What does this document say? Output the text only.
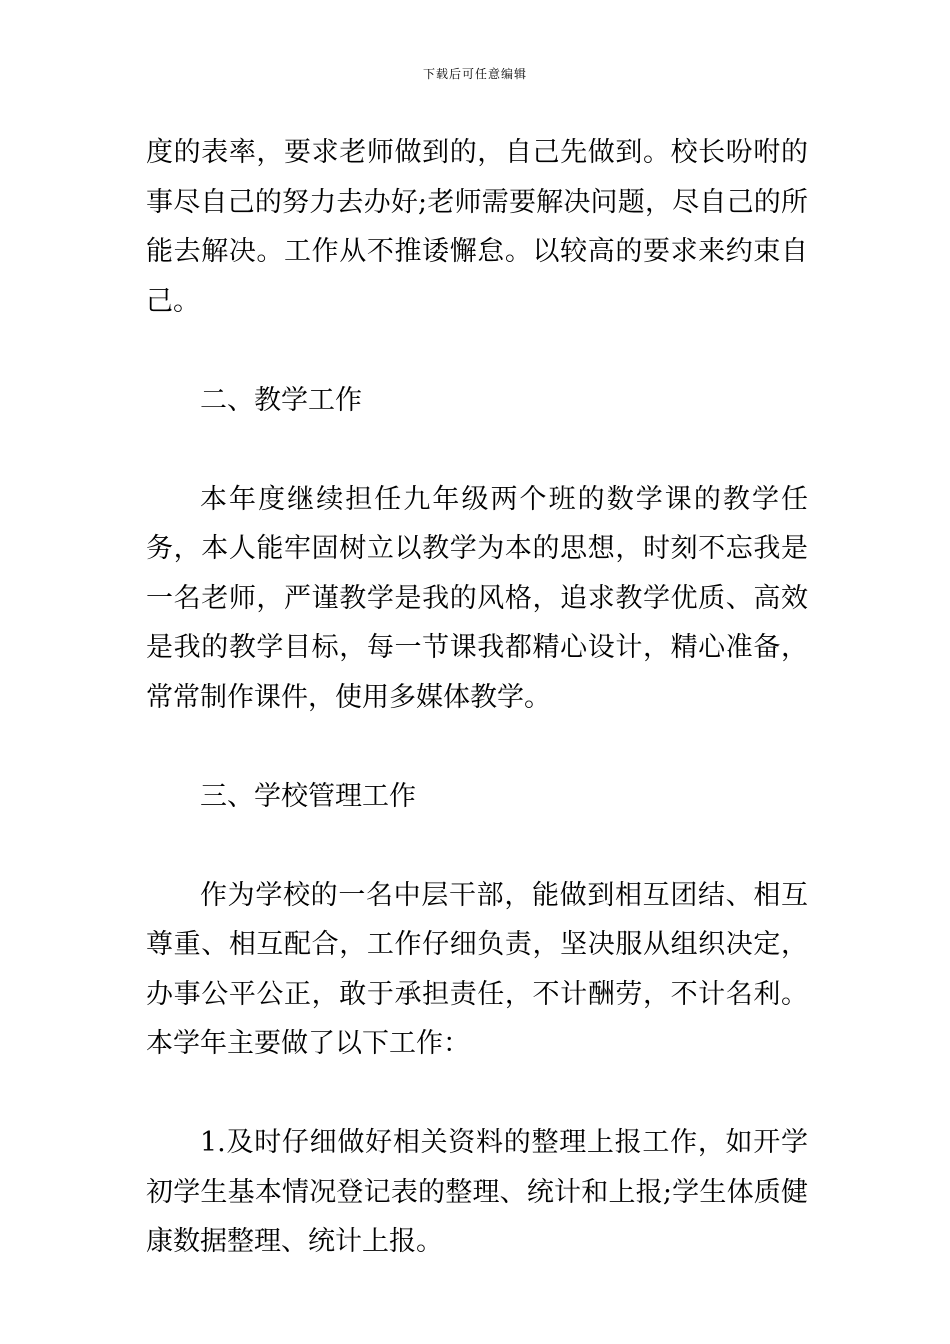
下载后可任意编辑

度的表率，要求老师做到的，自己先做到。校长吩咐的事尽自己的努力去办好;老师需要解决问题，尽自己的所能去解决。工作从不推诿懈怠。以较高的要求来约束自己。

二、教学工作

本年度继续担任九年级两个班的数学课的教学任务，本人能牢固树立以教学为本的思想，时刻不忘我是一名老师，严谨教学是我的风格，追求教学优质、高效是我的教学目标，每一节课我都精心设计，精心准备，常常制作课件，使用多媒体教学。

三、学校管理工作

作为学校的一名中层干部，能做到相互团结、相互尊重、相互配合，工作仔细负责，坚决服从组织决定，办事公平公正，敢于承担责任，不计酬劳，不计名利。本学年主要做了以下工作：

1.及时仔细做好相关资料的整理上报工作，如开学初学生基本情况登记表的整理、统计和上报;学生体质健康数据整理、统计上报。
